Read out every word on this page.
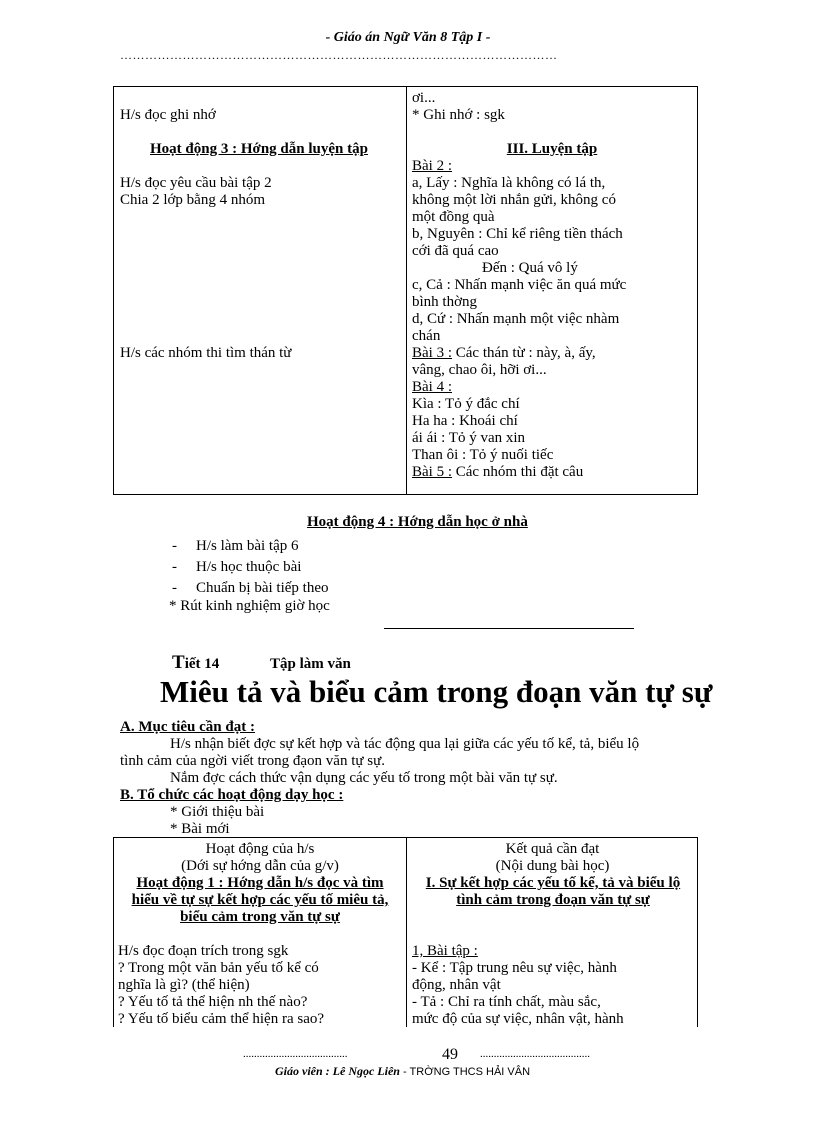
- Giáo án Ngữ Văn 8 Tập I -
……………………………………………………………………………………………
H/s đọc ghi nhớ
Hoạt động 3 : Hớng dẫn luyện tập
H/s đọc yêu cầu bài tập 2
Chia 2 lớp bằng 4 nhóm
H/s các nhóm thi tìm thán từ
ơi...
* Ghi nhớ : sgk
III. Luyện tập
Bài 2 :
a, Lấy : Nghĩa là không có lá th,
không một lời nhắn gửi, không có
một đồng quà
b, Nguyên : Chỉ kể riêng tiền thách
cới đã quá cao
Đến : Quá vô lý
c, Cả : Nhấn mạnh việc ăn quá mức
bình thờng
d, Cứ : Nhấn mạnh một việc nhàm
chán
Bài 3 : Các thán từ : này, à, ấy,
vâng, chao ôi, hỡi ơi...
Bài 4 :
Kìa : Tỏ ý đắc chí
Ha ha : Khoái chí
ái ái : Tỏ ý van xin
Than ôi : Tỏ ý nuối tiếc
Bài 5 : Các nhóm thi đặt câu
Hoạt động 4 : Hớng dẫn học ở nhà
- H/s làm bài tập 6
- H/s học thuộc bài
- Chuẩn bị bài tiếp theo
* Rút kinh nghiệm giờ học
Tiết 14	Tập làm văn
Miêu tả và biểu cảm trong đoạn văn tự sự
A. Mục tiêu cần đạt :
H/s nhận biết đợc sự kết hợp và tác động qua lại giữa các yếu tố kể, tả, biểu lộ
tình cảm của ngời viết trong đạon văn tự sự.
Nắm đợc cách thức vận dụng các yếu tố trong một bài văn tự sự.
B. Tổ chức các hoạt động dạy học :
* Giới thiệu bài
* Bài mới
Hoạt động của h/s
(Dới sự hớng dẫn của g/v)
Hoạt động 1 : Hớng dẫn h/s đọc và tìm hiểu về tự sự kết hợp các yếu tố miêu tả, biểu cảm trong văn tự sự
H/s đọc đoạn trích trong sgk
? Trong một văn bản yếu tố kể có
nghĩa là gì? (thể hiện)
? Yếu tố tả thể hiện nh thế nào?
? Yếu tố biểu cảm thể hiện ra sao?
Kết quả cần đạt
(Nội dung bài học)
I. Sự kết hợp các yếu tố kể, tả và biểu lộ tình cảm trong đoạn văn tự sự
1, Bài tập :
- Kể : Tập trung nêu sự việc, hành
động, nhân vật
- Tả : Chỉ ra tính chất, màu sắc,
mức độ của sự việc, nhân vật, hành
......................................	49 ........................................
Giáo viên : Lê Ngọc Liên - TRỜNG THCS HẢI VÂN
